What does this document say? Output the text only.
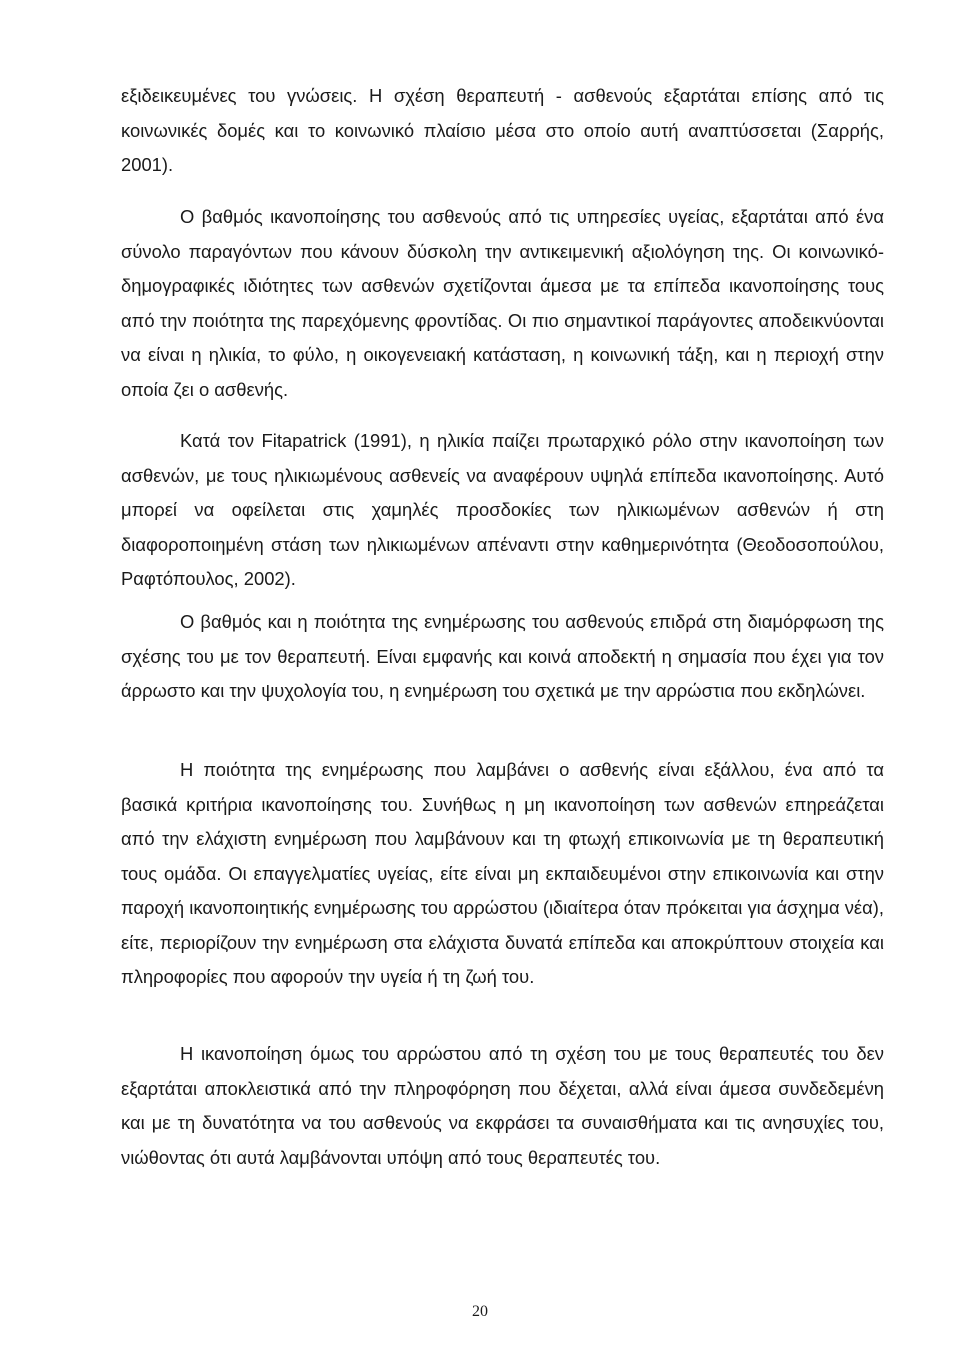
εξιδεικευμένες του γνώσεις. Η σχέση θεραπευτή - ασθενούς εξαρτάται επίσης από τις κοινωνικές δομές και το κοινωνικό πλαίσιο μέσα στο οποίο αυτή αναπτύσσεται (Σαρρής, 2001).

Ο βαθμός ικανοποίησης του ασθενούς από τις υπηρεσίες υγείας, εξαρτάται από ένα σύνολο παραγόντων που κάνουν δύσκολη την αντικειμενική αξιολόγηση της. Οι κοινωνικό-δημογραφικές ιδιότητες των ασθενών σχετίζονται άμεσα με τα επίπεδα ικανοποίησης τους από την ποιότητα της παρεχόμενης φροντίδας. Οι πιο σημαντικοί παράγοντες αποδεικνύονται να είναι η ηλικία, το φύλο, η οικογενειακή κατάσταση, η κοινωνική τάξη, και η περιοχή στην οποία ζει ο ασθενής.

Κατά τον Fitapatrick (1991), η ηλικία παίζει πρωταρχικό ρόλο στην ικανοποίηση των ασθενών, με τους ηλικιωμένους ασθενείς να αναφέρουν υψηλά επίπεδα ικανοποίησης. Αυτό μπορεί να οφείλεται στις χαμηλές προσδοκίες των ηλικιωμένων ασθενών ή στη διαφοροποιημένη στάση των ηλικιωμένων απέναντι στην καθημερινότητα (Θεοδοσοπούλου, Ραφτόπουλος, 2002).

Ο βαθμός και η ποιότητα της ενημέρωσης του ασθενούς επιδρά στη διαμόρφωση της σχέσης του με τον θεραπευτή. Είναι εμφανής και κοινά αποδεκτή η σημασία που έχει για τον άρρωστο και την ψυχολογία του, η ενημέρωση του σχετικά με την αρρώστια που εκδηλώνει.

Η ποιότητα της ενημέρωσης που λαμβάνει ο ασθενής είναι εξάλλου, ένα από τα βασικά κριτήρια ικανοποίησης του. Συνήθως η μη ικανοποίηση των ασθενών επηρεάζεται από την ελάχιστη ενημέρωση που λαμβάνουν και τη φτωχή επικοινωνία με τη θεραπευτική τους ομάδα. Οι επαγγελματίες υγείας, είτε είναι μη εκπαιδευμένοι στην επικοινωνία και στην παροχή ικανοποιητικής ενημέρωσης του αρρώστου (ιδιαίτερα όταν πρόκειται για άσχημα νέα), είτε, περιορίζουν την ενημέρωση στα ελάχιστα δυνατά επίπεδα και αποκρύπτουν στοιχεία και πληροφορίες που αφορούν την υγεία ή τη ζωή του.

Η ικανοποίηση όμως του αρρώστου από τη σχέση του με τους θεραπευτές του δεν εξαρτάται αποκλειστικά από την πληροφόρηση που δέχεται, αλλά είναι άμεσα συνδεδεμένη και με τη δυνατότητα να του ασθενούς να εκφράσει τα συναισθήματα και τις ανησυχίες του, νιώθοντας ότι αυτά λαμβάνονται υπόψη από τους θεραπευτές του.

20
